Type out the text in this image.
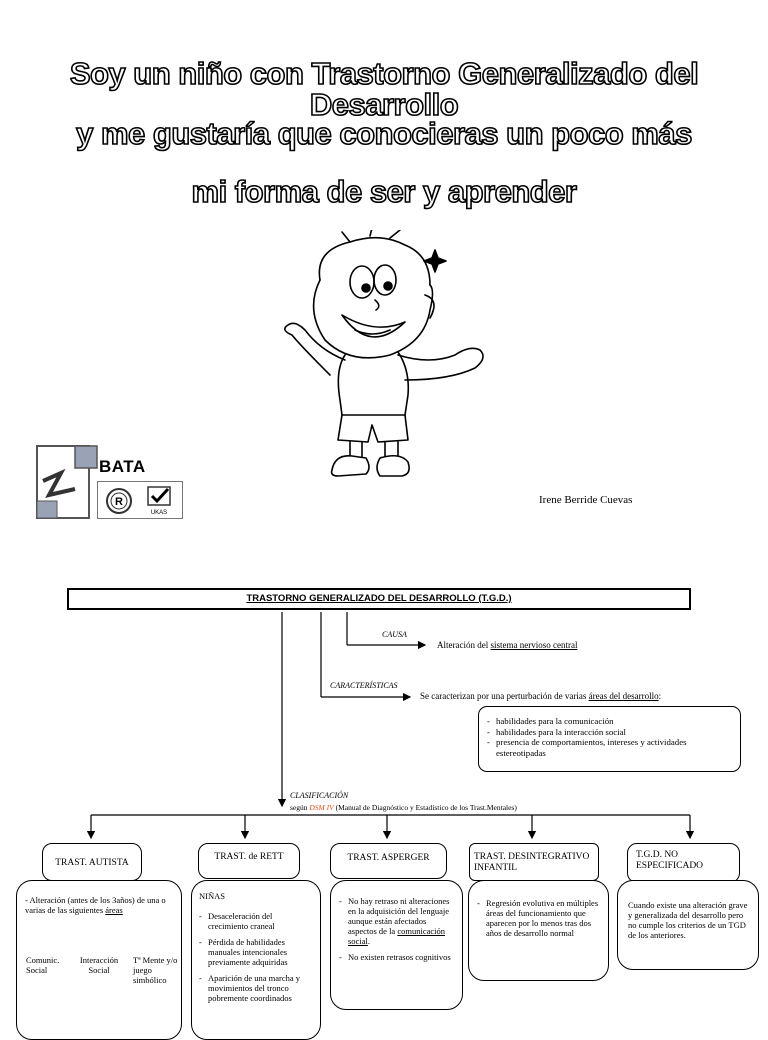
Soy un niño con Trastorno Generalizado del Desarrollo
y me gustaría que conocieras un poco más
mi forma de ser y aprender
BATA
R
UKAS
Irene Berride Cuevas
TRASTORNO GENERALIZADO DEL DESARROLLO (T.G.D.)
CAUSA
Alteración del sistema nervioso central
CARACTERÍSTICAS
Se caracterizan por una perturbación de varias áreas del desarrollo:
- habilidades para la comunicación
- habilidades para la interacción social
- presencia de comportamientos, intereses y actividades estereotipadas
CLASIFICACIÓN
según DSM IV (Manual de Diagnóstico y Estadístico de los Trast.Mentales)
TRAST. AUTISTA
TRAST. de RETT	TRAST. ASPERGER	TRAST. DESINTEGRATIVO INFANTIL
T.G.D. NO ESPECIFICADO

- Alteración (antes de los 3años) de una o varias de las siguientes áreas

Comunic. Social
Interacción Social
Tª Mente y/o juego simbólico

NIÑAS

- Desaceleración del crecimiento craneal
- Pérdida de habilidades manuales intencionales previamente adquiridas
- Aparición de una marcha y movimientos del tronco pobremente coordinados
- No hay retraso ni alteraciones en la adquisición del lenguaje aunque están afectados aspectos de la comunicación social.
- No existen retrasos cognitivos
- Regresión evolutiva en múltiples áreas del funcionamiento que aparecen por lo menos tras dos años de desarrollo normal

Cuando existe una alteración grave y generalizada del desarrollo pero no cumple los criterios de un TGD de los anteriores.
